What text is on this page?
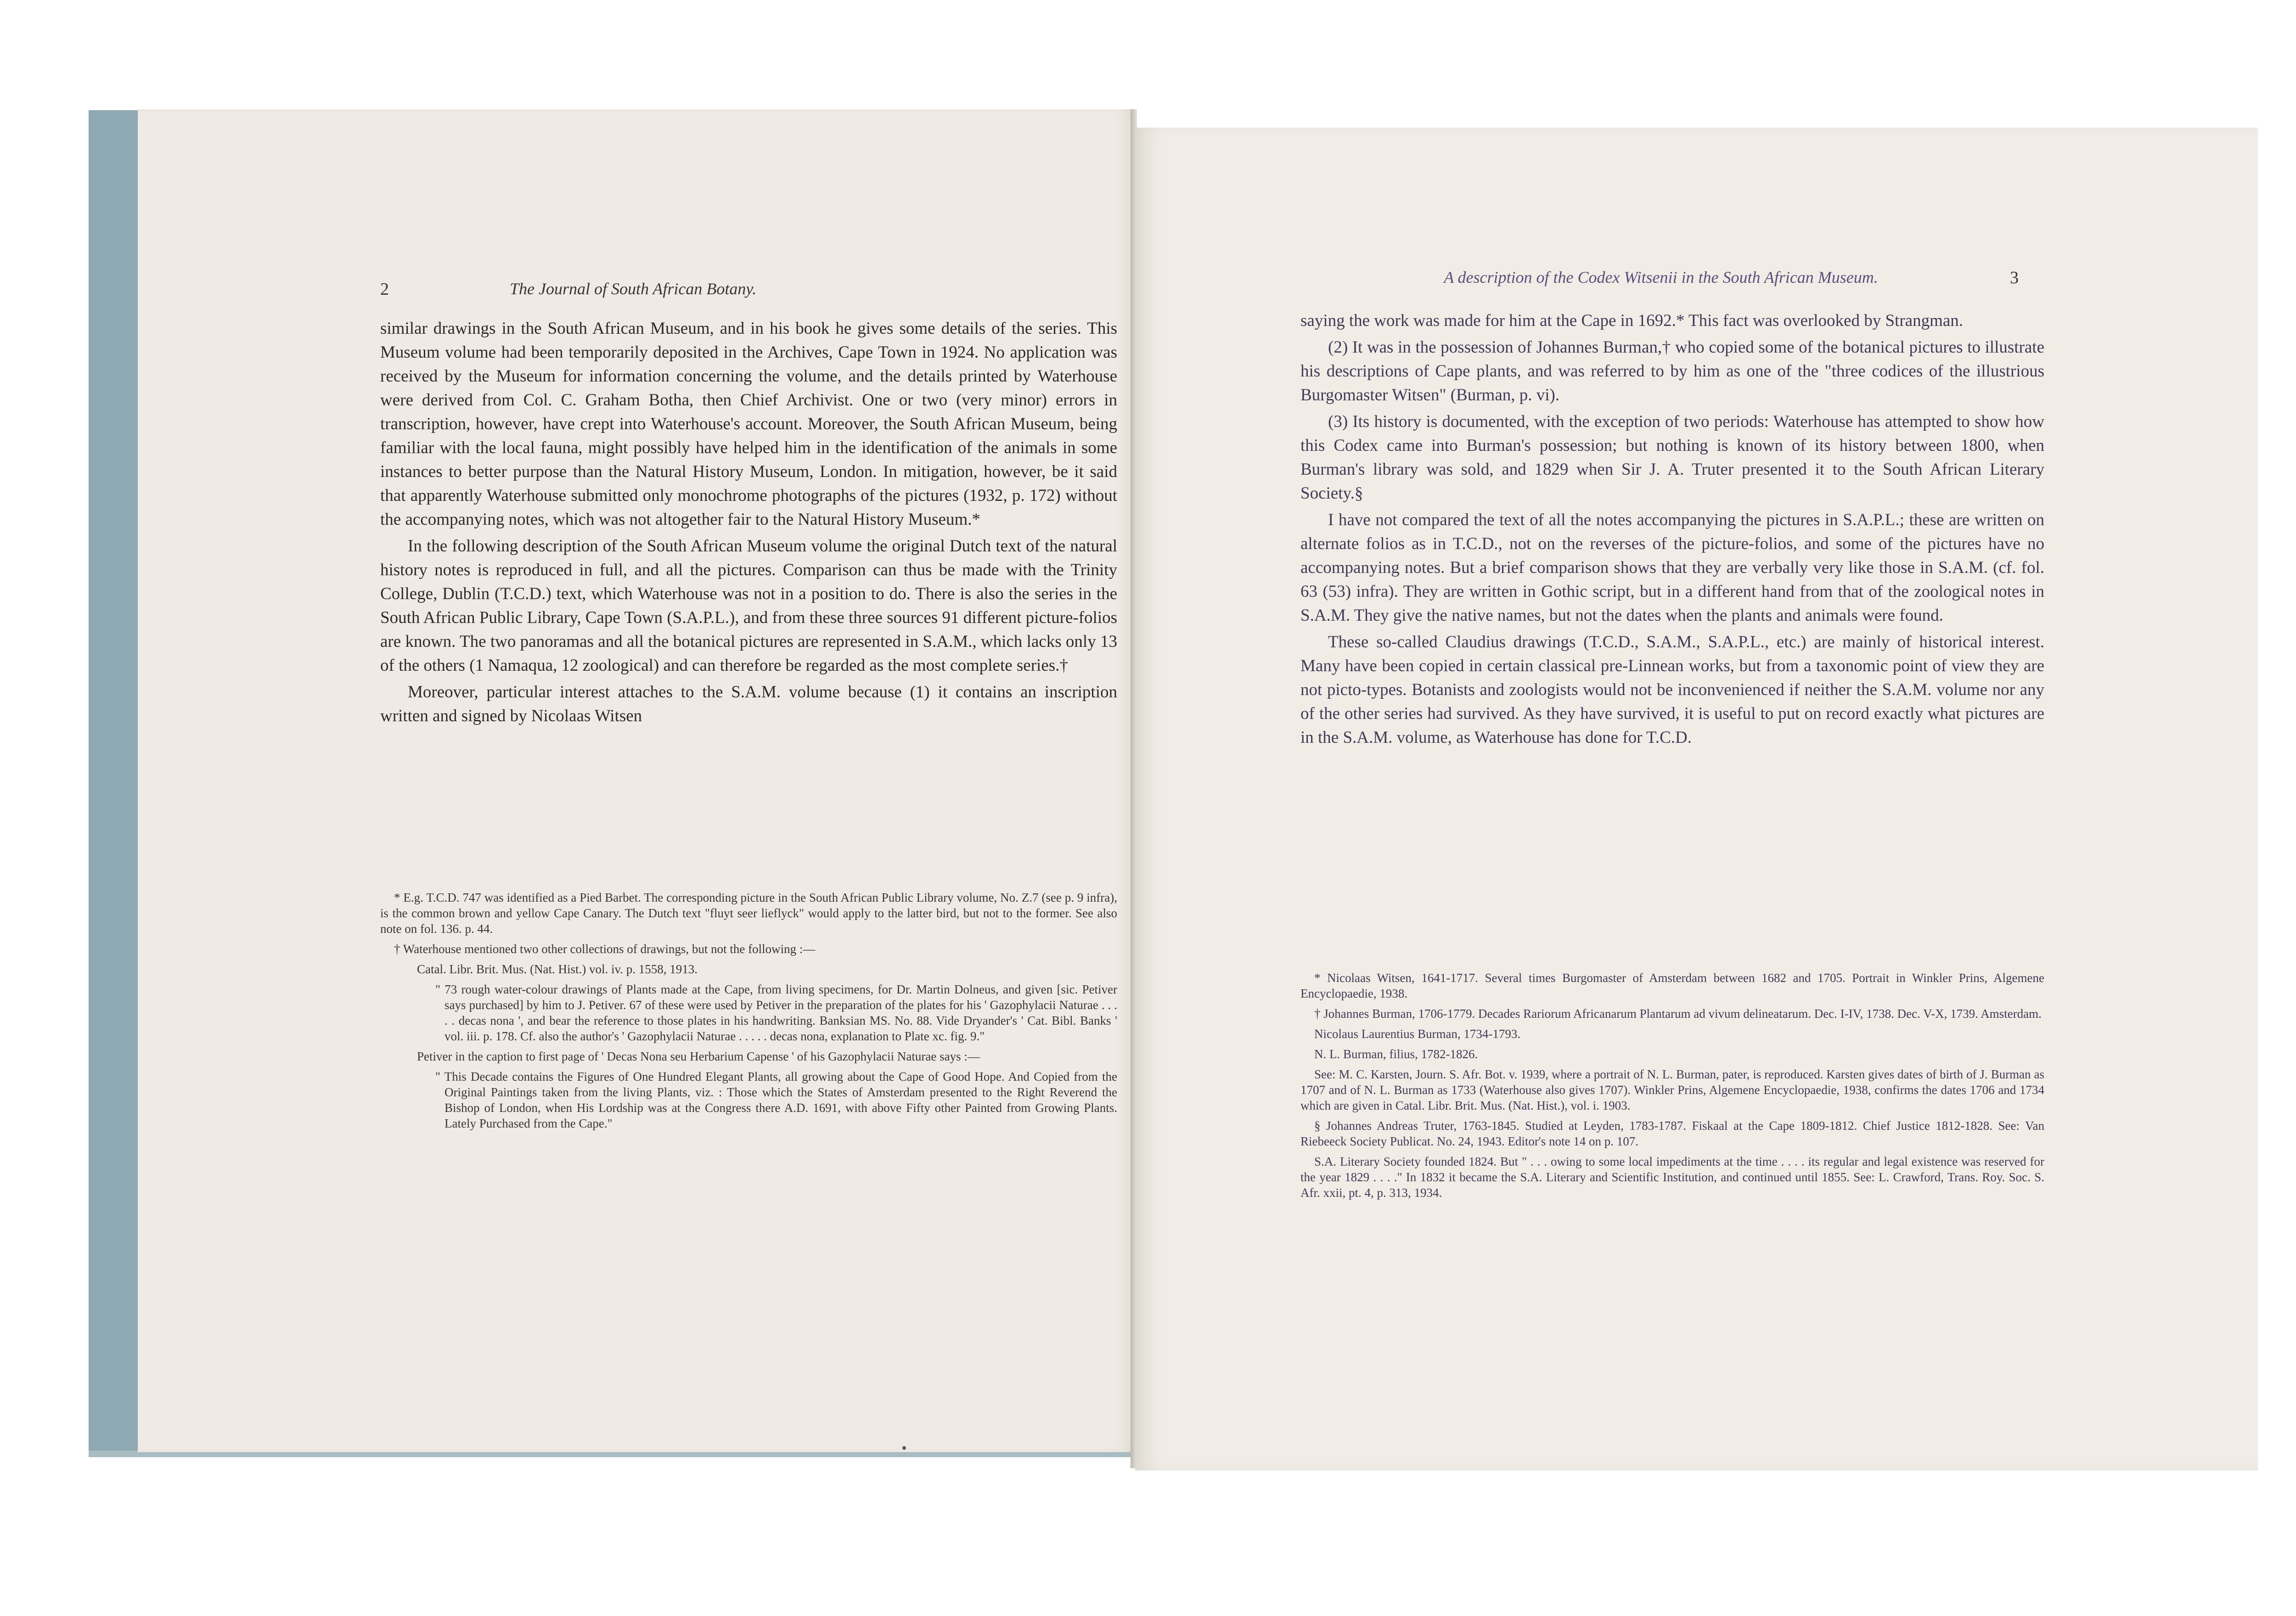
2	The Journal of South African Botany.

similar drawings in the South African Museum, and in his book he gives some details of the series. This Museum volume had been temporarily deposited in the Archives, Cape Town in 1924. No application was received by the Museum for information concerning the volume, and the details printed by Waterhouse were derived from Col. C. Graham Botha, then Chief Archivist. One or two (very minor) errors in transcription, however, have crept into Waterhouse's account. Moreover, the South African Museum, being familiar with the local fauna, might possibly have helped him in the identification of the animals in some instances to better purpose than the Natural History Museum, London. In mitigation, however, be it said that apparently Waterhouse submitted only monochrome photographs of the pictures (1932, p. 172) without the accompanying notes, which was not altogether fair to the Natural History Museum.*

In the following description of the South African Museum volume the original Dutch text of the natural history notes is reproduced in full, and all the pictures. Comparison can thus be made with the Trinity College, Dublin (T.C.D.) text, which Waterhouse was not in a position to do. There is also the series in the South African Public Library, Cape Town (S.A.P.L.), and from these three sources 91 different picture-folios are known. The two panoramas and all the botanical pictures are represented in S.A.M., which lacks only 13 of the others (1 Namaqua, 12 zoological) and can therefore be regarded as the most complete series.†

Moreover, particular interest attaches to the S.A.M. volume because (1) it contains an inscription written and signed by Nicolaas Witsen

* E.g. T.C.D. 747 was identified as a Pied Barbet. The corresponding picture in the South African Public Library volume, No. Z.7 (see p. 9 infra), is the common brown and yellow Cape Canary. The Dutch text "fluyt seer lieflyck" would apply to the latter bird, but not to the former. See also note on fol. 136. p. 44.

† Waterhouse mentioned two other collections of drawings, but not the following :—

Catal. Libr. Brit. Mus. (Nat. Hist.) vol. iv. p. 1558, 1913.

" 73 rough water-colour drawings of Plants made at the Cape, from living specimens, for Dr. Martin Dolneus, and given [sic. Petiver says purchased] by him to J. Petiver. 67 of these were used by Petiver in the preparation of the plates for his ' Gazophylacii Naturae . . . . . decas nona ', and bear the reference to those plates in his handwriting. Banksian MS. No. 88. Vide Dryander's ' Cat. Bibl. Banks ' vol. iii. p. 178. Cf. also the author's ' Gazophylacii Naturae . . . . . decas nona, explanation to Plate xc. fig. 9."

Petiver in the caption to first page of ' Decas Nona seu Herbarium Capense ' of his Gazophylacii Naturae says :—

" This Decade contains the Figures of One Hundred Elegant Plants, all growing about the Cape of Good Hope. And Copied from the Original Paintings taken from the living Plants, viz. : Those which the States of Amsterdam presented to the Right Reverend the Bishop of London, when His Lordship was at the Congress there A.D. 1691, with above Fifty other Painted from Growing Plants. Lately Purchased from the Cape."

A description of the Codex Witsenii in the South African Museum.	3

saying the work was made for him at the Cape in 1692.* This fact was overlooked by Strangman.

(2) It was in the possession of Johannes Burman,† who copied some of the botanical pictures to illustrate his descriptions of Cape plants, and was referred to by him as one of the "three codices of the illustrious Burgomaster Witsen" (Burman, p. vi).

(3) Its history is documented, with the exception of two periods: Waterhouse has attempted to show how this Codex came into Burman's possession; but nothing is known of its history between 1800, when Burman's library was sold, and 1829 when Sir J. A. Truter presented it to the South African Literary Society.§

I have not compared the text of all the notes accompanying the pictures in S.A.P.L.; these are written on alternate folios as in T.C.D., not on the reverses of the picture-folios, and some of the pictures have no accompanying notes. But a brief comparison shows that they are verbally very like those in S.A.M. (cf. fol. 63 (53) infra). They are written in Gothic script, but in a different hand from that of the zoological notes in S.A.M. They give the native names, but not the dates when the plants and animals were found.

These so-called Claudius drawings (T.C.D., S.A.M., S.A.P.L., etc.) are mainly of historical interest. Many have been copied in certain classical pre-Linnean works, but from a taxonomic point of view they are not picto-types. Botanists and zoologists would not be inconvenienced if neither the S.A.M. volume nor any of the other series had survived. As they have survived, it is useful to put on record exactly what pictures are in the S.A.M. volume, as Waterhouse has done for T.C.D.

* Nicolaas Witsen, 1641-1717. Several times Burgomaster of Amsterdam between 1682 and 1705. Portrait in Winkler Prins, Algemene Encyclopaedie, 1938.

† Johannes Burman, 1706-1779. Decades Rariorum Africanarum Plantarum ad vivum delineatarum. Dec. I-IV, 1738. Dec. V-X, 1739. Amsterdam.

Nicolaus Laurentius Burman, 1734-1793.

N. L. Burman, filius, 1782-1826.

See: M. C. Karsten, Journ. S. Afr. Bot. v. 1939, where a portrait of N. L. Burman, pater, is reproduced. Karsten gives dates of birth of J. Burman as 1707 and of N. L. Burman as 1733 (Waterhouse also gives 1707). Winkler Prins, Algemene Encyclopaedie, 1938, confirms the dates 1706 and 1734 which are given in Catal. Libr. Brit. Mus. (Nat. Hist.), vol. i. 1903.

§ Johannes Andreas Truter, 1763-1845. Studied at Leyden, 1783-1787. Fiskaal at the Cape 1809-1812. Chief Justice 1812-1828. See: Van Riebeeck Society Publicat. No. 24, 1943. Editor's note 14 on p. 107.

S.A. Literary Society founded 1824. But " . . . owing to some local impediments at the time . . . . its regular and legal existence was reserved for the year 1829 . . . ." In 1832 it became the S.A. Literary and Scientific Institution, and continued until 1855. See: L. Crawford, Trans. Roy. Soc. S. Afr. xxii, pt. 4, p. 313, 1934.
